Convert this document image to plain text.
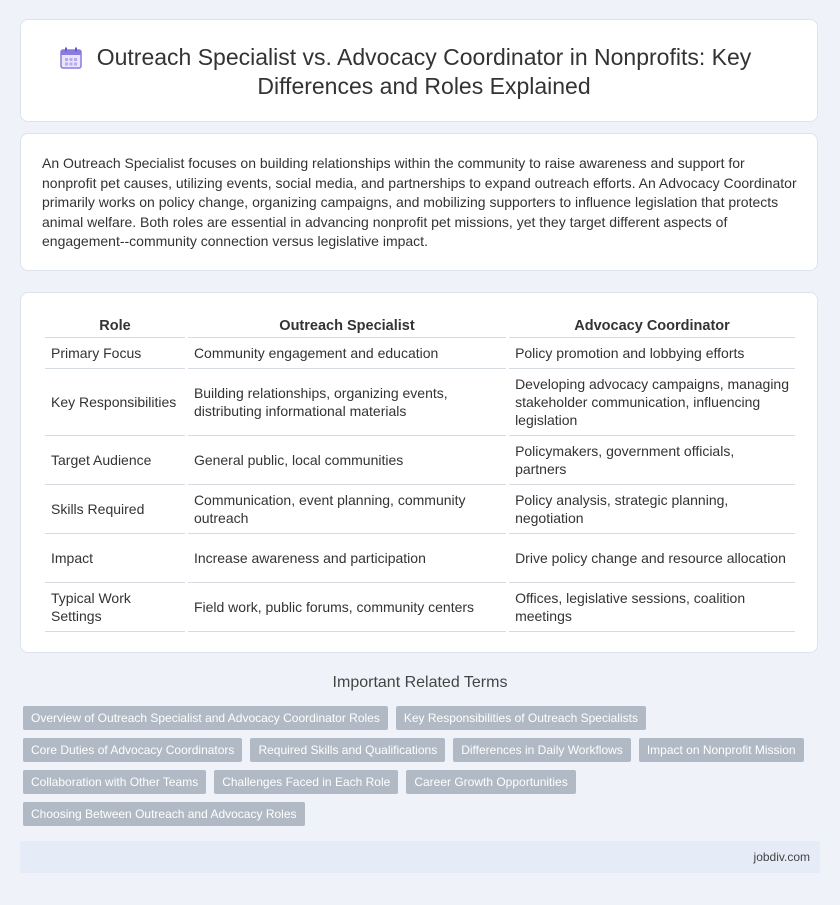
Outreach Specialist vs. Advocacy Coordinator in Nonprofits: Key Differences and Roles Explained

An Outreach Specialist focuses on building relationships within the community to raise awareness and support for nonprofit pet causes, utilizing events, social media, and partnerships to expand outreach efforts. An Advocacy Coordinator primarily works on policy change, organizing campaigns, and mobilizing supporters to influence legislation that protects animal welfare. Both roles are essential in advancing nonprofit pet missions, yet they target different aspects of engagement--community connection versus legislative impact.

Role	Outreach Specialist	Advocacy Coordinator
Primary Focus	Community engagement and education	Policy promotion and lobbying efforts
Key Responsibilities	Building relationships, organizing events, distributing informational materials	Developing advocacy campaigns, managing stakeholder communication, influencing legislation
Target Audience	General public, local communities	Policymakers, government officials, partners
Skills Required	Communication, event planning, community outreach	Policy analysis, strategic planning, negotiation
Impact	Increase awareness and participation	Drive policy change and resource allocation
Typical Work Settings	Field work, public forums, community centers	Offices, legislative sessions, coalition meetings
Important Related Terms
Overview of Outreach Specialist and Advocacy Coordinator Roles	Key Responsibilities of Outreach Specialists
Core Duties of Advocacy Coordinators	Required Skills and Qualifications	Differences in Daily Workflows	Impact on Nonprofit Mission
Collaboration with Other Teams	Challenges Faced in Each Role	Career Growth Opportunities
Choosing Between Outreach and Advocacy Roles
jobdiv.com
